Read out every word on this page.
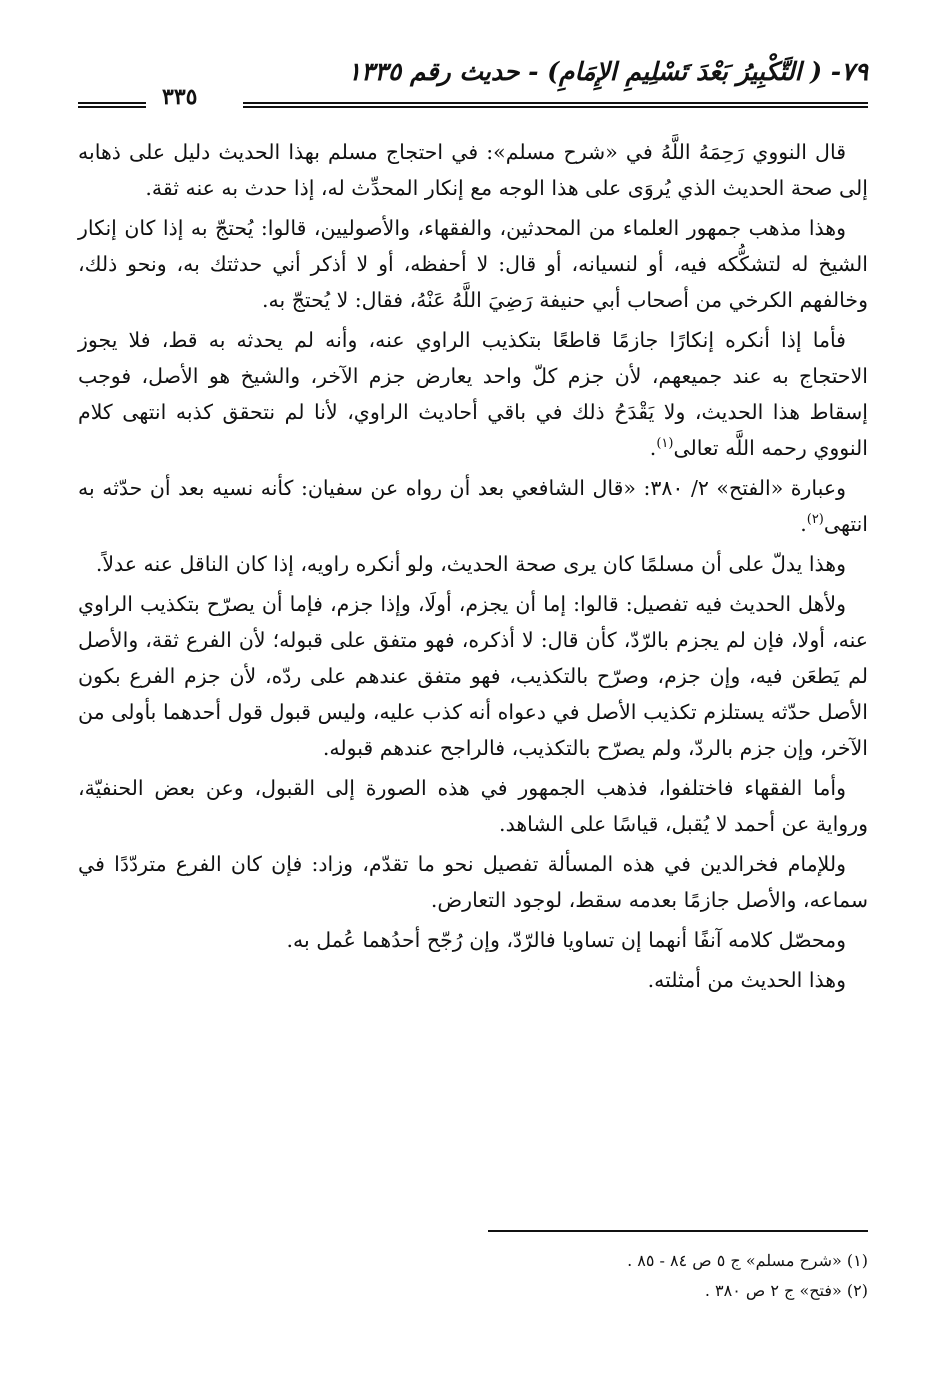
٧٩- ( التَّكْبِيرُ بَعْدَ تَسْلِيمِ الإِمَامِ) - حديث رقم ١٣٣٥
٣٣٥

قال النووي رَحِمَهُ اللَّهُ في «شرح مسلم»: في احتجاج مسلم بهذا الحديث دليل على ذهابه إلى صحة الحديث الذي يُروَى على هذا الوجه مع إنكار المحدِّث له، إذا حدث به عنه ثقة.

وهذا مذهب جمهور العلماء من المحدثين، والفقهاء، والأصوليين، قالوا: يُحتجّ به إذا كان إنكار الشيخ له لتشكُّكه فيه، أو لنسيانه، أو قال: لا أحفظه، أو لا أذكر أني حدثتك به، ونحو ذلك، وخالفهم الكرخي من أصحاب أبي حنيفة رَضِيَ اللَّهُ عَنْهُ، فقال: لا يُحتجّ به.

فأما إذا أنكره إنكارًا جازمًا قاطعًا بتكذيب الراوي عنه، وأنه لم يحدثه به قط، فلا يجوز الاحتجاج به عند جميعهم، لأن جزم كلّ واحد يعارض جزم الآخر، والشيخ هو الأصل، فوجب إسقاط هذا الحديث، ولا يَقْدَحُ ذلك في باقي أحاديث الراوي، لأنا لم نتحقق كذبه انتهى كلام النووي رحمه اللَّه تعالى$^{(١)}$.

وعبارة «الفتح» ٢/ ٣٨٠: «قال الشافعي بعد أن رواه عن سفيان: كأنه نسيه بعد أن حدّثه به انتهى$^{(٢)}$.

وهذا يدلّ على أن مسلمًا كان يرى صحة الحديث، ولو أنكره راويه، إذا كان الناقل عنه عدلاً.

ولأهل الحديث فيه تفصيل: قالوا: إما أن يجزم، أولَا، وإذا جزم، فإما أن يصرّح بتكذيب الراوي عنه، أولا، فإن لم يجزم بالرّدّ، كأن قال: لا أذكره، فهو متفق على قبوله؛ لأن الفرع ثقة، والأصل لم يَطعَن فيه، وإن جزم، وصرّح بالتكذيب، فهو متفق عندهم على ردّه، لأن جزم الفرع بكون الأصل حدّثه يستلزم تكذيب الأصل في دعواه أنه كذب عليه، وليس قبول قول أحدهما بأولى من الآخر، وإن جزم بالردّ، ولم يصرّح بالتكذيب، فالراجح عندهم قبوله.

وأما الفقهاء فاختلفوا، فذهب الجمهور في هذه الصورة إلى القبول، وعن بعض الحنفيّة، ورواية عن أحمد لا يُقبل، قياسًا على الشاهد.

وللإمام فخرالدين في هذه المسألة تفصيل نحو ما تقدّم، وزاد: فإن كان الفرع متردّدًا في سماعه، والأصل جازمًا بعدمه سقط، لوجود التعارض.

ومحصّل كلامه آنفًا أنهما إن تساويا فالرّدّ، وإن رُجّح أحدُهما عُمل به.

وهذا الحديث من أمثلته.

(١) «شرح مسلم» ج ٥ ص ٨٤ - ٨٥ .

(٢) «فتح» ج ٢ ص ٣٨٠ .
